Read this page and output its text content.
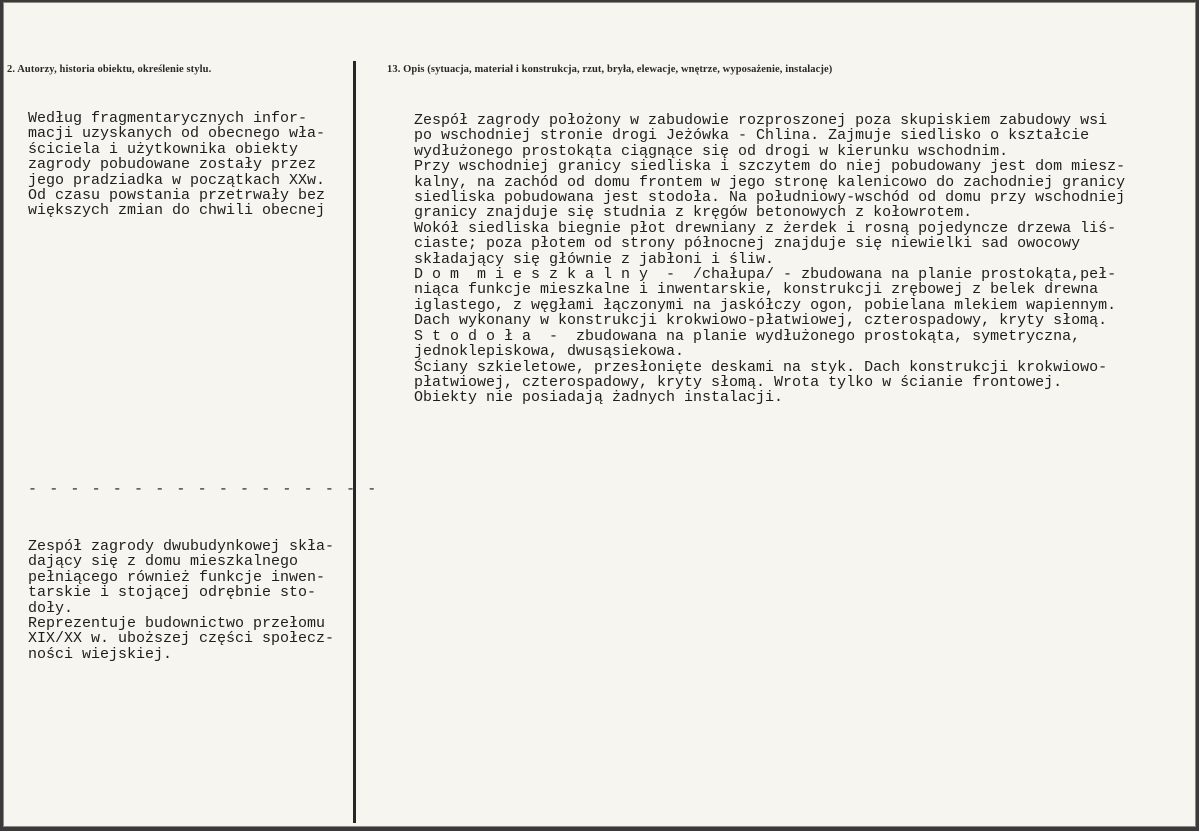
2. Autorzy, historia obiektu, określenie stylu.	13. Opis (sytuacja, materiał i konstrukcja, rzut, bryła, elewacje, wnętrze, wyposażenie, instalacje)
Według fragmentarycznych infor-
macji uzyskanych od obecnego wła-
ściciela i użytkownika obiekty
zagrody pobudowane zostały przez
jego pradziadka w początkach XXw.
Od czasu powstania przetrwały bez
większych zmian do chwili obecnej
- - - - - - - - - - - - - - - - -
Zespół zagrody dwubudynkowej skła-
dający się z domu mieszkalnego
pełniącego również funkcje inwen-
tarskie i stojącej odrębnie sto-
doły.
Reprezentuje budownictwo przełomu
XIX/XX w. uboższej części społecz-
ności wiejskiej.
Zespół zagrody położony w zabudowie rozproszonej poza skupiskiem zabudowy wsi
po wschodniej stronie drogi Jeżówka - Chlina. Zajmuje siedlisko o kształcie
wydłużonego prostokąta ciągnące się od drogi w kierunku wschodnim.
Przy wschodniej granicy siedliska i szczytem do niej pobudowany jest dom miesz-
kalny, na zachód od domu frontem w jego stronę kalenicowo do zachodniej granicy
siedliska pobudowana jest stodoła. Na południowy-wschód od domu przy wschodniej
granicy znajduje się studnia z kręgów betonowych z kołowrotem.
Wokół siedliska biegnie płot drewniany z żerdek i rosną pojedyncze drzewa liś-
ciaste; poza płotem od strony północnej znajduje się niewielki sad owocowy
składający się głównie z jabłoni i śliw.
D o m  m i e s z k a l n y  -  /chałupa/ - zbudowana na planie prostokąta,peł-
niąca funkcje mieszkalne i inwentarskie, konstrukcji zrębowej z belek drewna
iglastego, z węgłami łączonymi na jaskółczy ogon, pobielana mlekiem wapiennym.
Dach wykonany w konstrukcji krokwiowo-płatwiowej, czterospadowy, kryty słomą.
S t o d o ł a  -  zbudowana na planie wydłużonego prostokąta, symetryczna,
jednoklepiskowa, dwusąsiekowa.
Ściany szkieletowe, przesłonięte deskami na styk. Dach konstrukcji krokwiowo-
płatwiowej, czterospadowy, kryty słomą. Wrota tylko w ścianie frontowej.
Obiekty nie posiadają żadnych instalacji.
